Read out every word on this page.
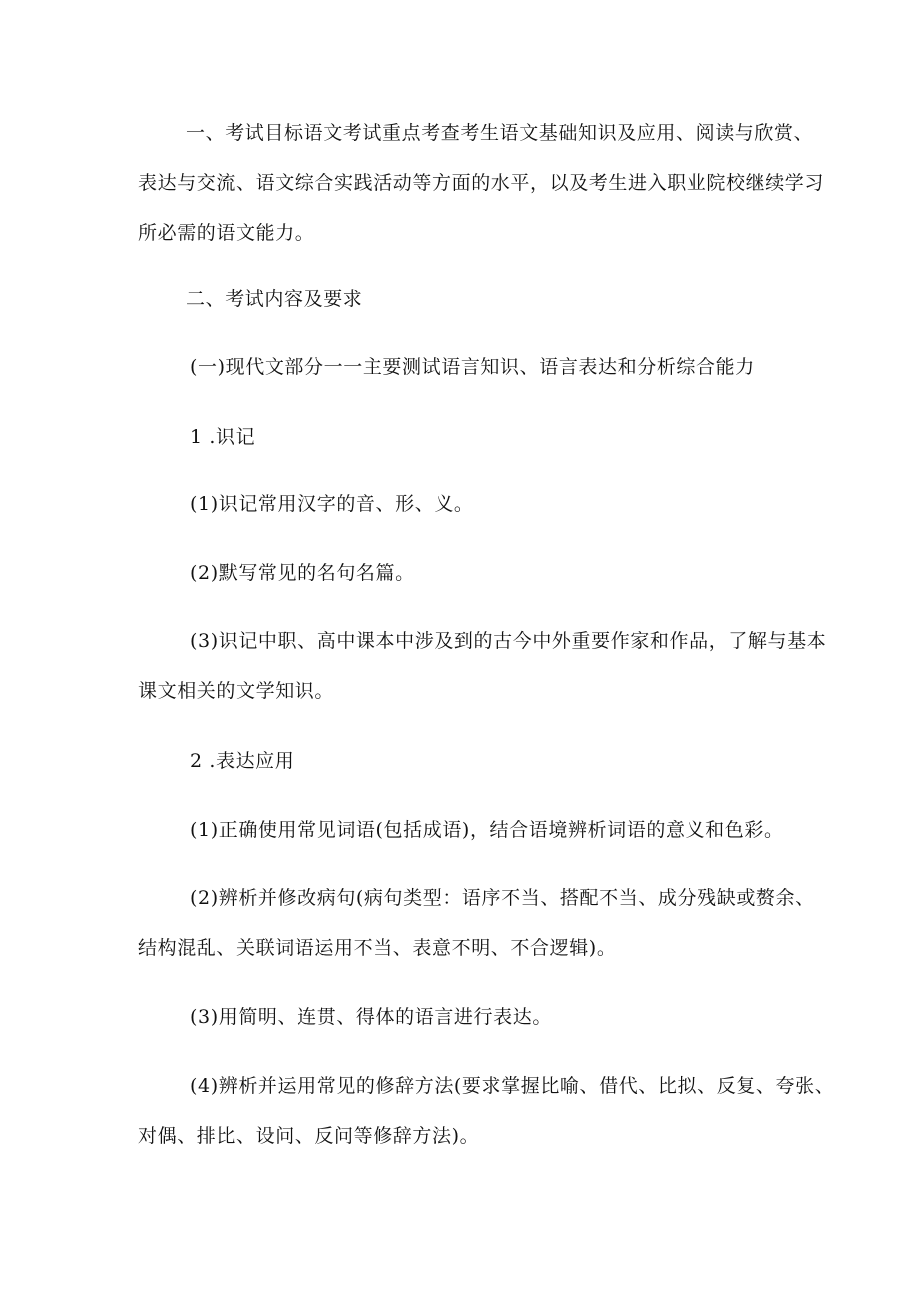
一、考试目标语文考试重点考查考生语文基础知识及应用、阅读与欣赏、
表达与交流、语文综合实践活动等方面的水平，以及考生进入职业院校继续学习
所必需的语文能力。
二、考试内容及要求
(一)现代文部分一一主要测试语言知识、语言表达和分析综合能力
1 .识记
(1)识记常用汉字的音、形、义。
(2)默写常见的名句名篇。
(3)识记中职、高中课本中涉及到的古今中外重要作家和作品，了解与基本
课文相关的文学知识。
2 .表达应用
(1)正确使用常见词语(包括成语)，结合语境辨析词语的意义和色彩。
(2)辨析并修改病句(病句类型：语序不当、搭配不当、成分残缺或赘余、
结构混乱、关联词语运用不当、表意不明、不合逻辑)。
(3)用简明、连贯、得体的语言进行表达。
(4)辨析并运用常见的修辞方法(要求掌握比喻、借代、比拟、反复、夸张、
对偶、排比、设问、反问等修辞方法)。
